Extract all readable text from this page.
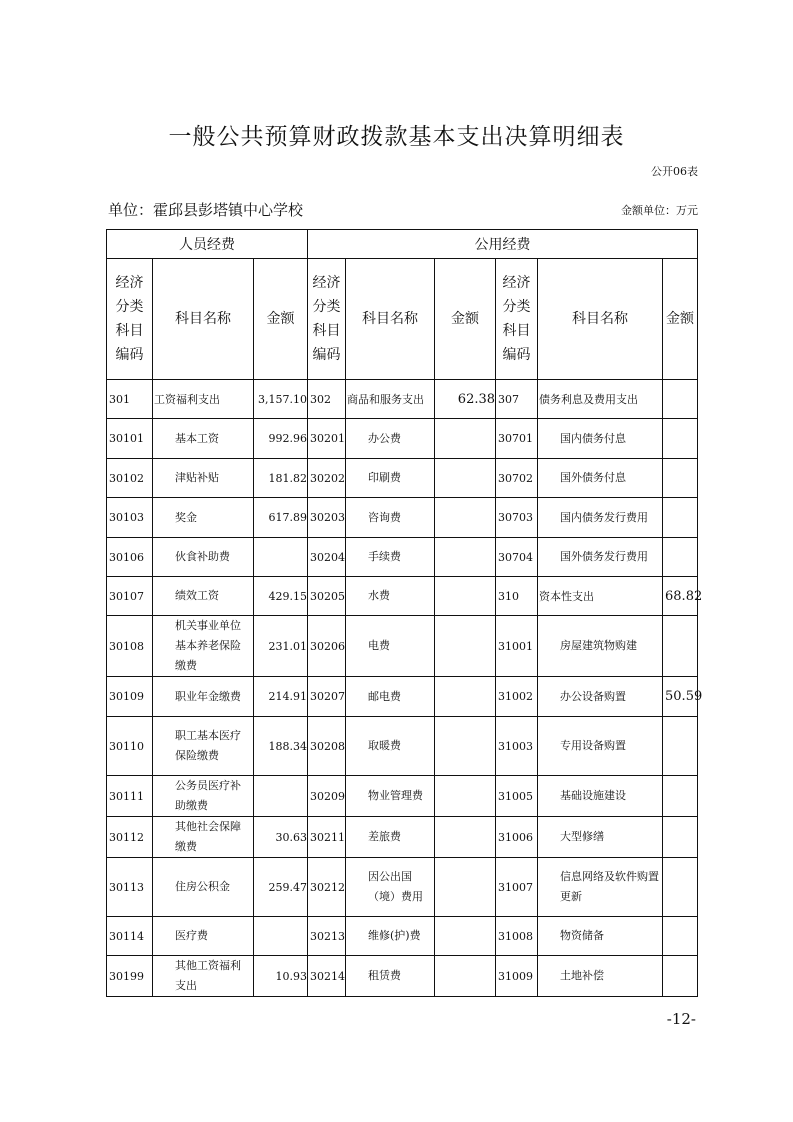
一般公共预算财政拨款基本支出决算明细表
公开06表
单位：霍邱县彭塔镇中心学校	金额单位：万元
人员经费			公用经费					
经济分类科目编码	科目名称	金额	经济分类科目编码	科目名称	金额	经济分类科目编码	科目名称	金额
301	工资福利支出	3,157.10	302	商品和服务支出	62.38	307	债务利息及费用支出	
30101	基本工资	992.96	30201	办公费		30701	国内债务付息	
30102	津贴补贴	181.82	30202	印刷费		30702	国外债务付息	
30103	奖金	617.89	30203	咨询费		30703	国内债务发行费用	
30106	伙食补助费		30204	手续费		30704	国外债务发行费用	
30107	绩效工资	429.15	30205	水费		310	资本性支出	68.82
30108	机关事业单位基本养老保险缴费	231.01	30206	电费		31001	房屋建筑物购建	
30109	职业年金缴费	214.91	30207	邮电费		31002	办公设备购置	50.59
30110	职工基本医疗保险缴费	188.34	30208	取暖费		31003	专用设备购置	
30111	公务员医疗补助缴费		30209	物业管理费		31005	基础设施建设	
30112	其他社会保障缴费	30.63	30211	差旅费		31006	大型修缮	
30113	住房公积金	259.47	30212	因公出国（境）费用		31007	信息网络及软件购置更新	
30114	医疗费		30213	维修(护)费		31008	物资储备	
30199	其他工资福利支出	10.93	30214	租赁费		31009	土地补偿	
-12-
